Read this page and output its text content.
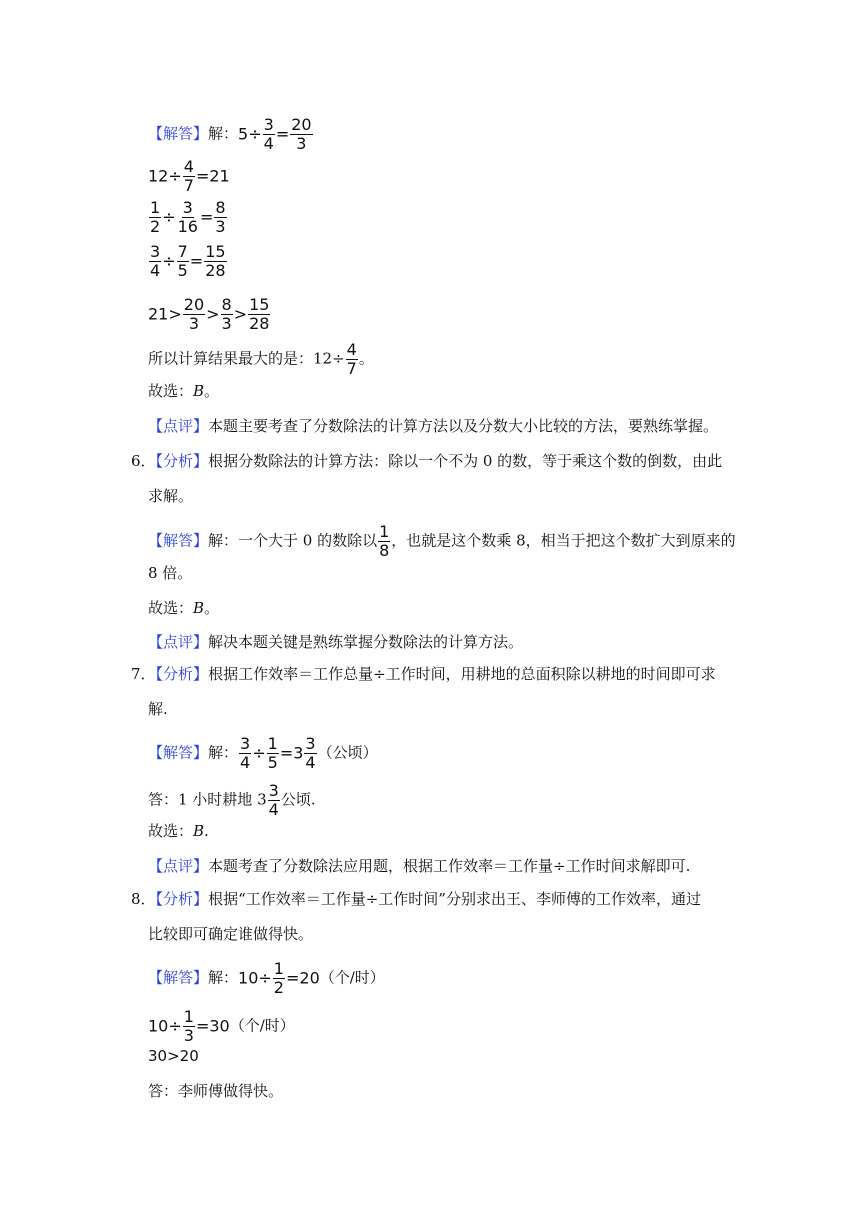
【解答】解：$5\div \frac{3}{4} = \frac{20}{3}$
$12\div \frac{4}{7} =21$
$\frac{1}{2} \div \frac{3}{16} = \frac{8}{3}$
$\frac{3}{4} \div \frac{7}{5} = \frac{15}{28}$
$21> \frac{20}{3} > \frac{8}{3} > \frac{15}{28}$
所以计算结果最大的是：$12\div \frac{4}{7}$ 。
故选：B。
【点评】本题主要考查了分数除法的计算方法以及分数大小比较的方法，要熟练掌握。
6．【分析】根据分数除法的计算方法：除以一个不为 0 的数，等于乘这个数的倒数，由此
求解。
【解答】解：一个大于 0 的数除以 $\frac{1}{8}$ ，也就是这个数乘 8，相当于把这个数扩大到原来的
8 倍。
故选：B。
【点评】解决本题关键是熟练掌握分数除法的计算方法。
7．【分析】根据工作效率＝工作总量÷工作时间，用耕地的总面积除以耕地的时间即可求
解.
【解答】解： $\frac{3}{4} \div \frac{1}{5} =3 \frac{3}{4}$ （公顷）
答：1 小时耕地 $3 \frac{3}{4}$ 公顷.
故选：B.
【点评】本题考查了分数除法应用题，根据工作效率＝工作量÷工作时间求解即可.
8．【分析】根据“工作效率＝工作量÷工作时间”分别求出王、李师傅的工作效率，通过
比较即可确定谁做得快。
【解答】解：$10\div \frac{1}{2} =20$（个/时）
$10\div \frac{1}{3} =30$（个/时）
30>20
答：李师傅做得快。
